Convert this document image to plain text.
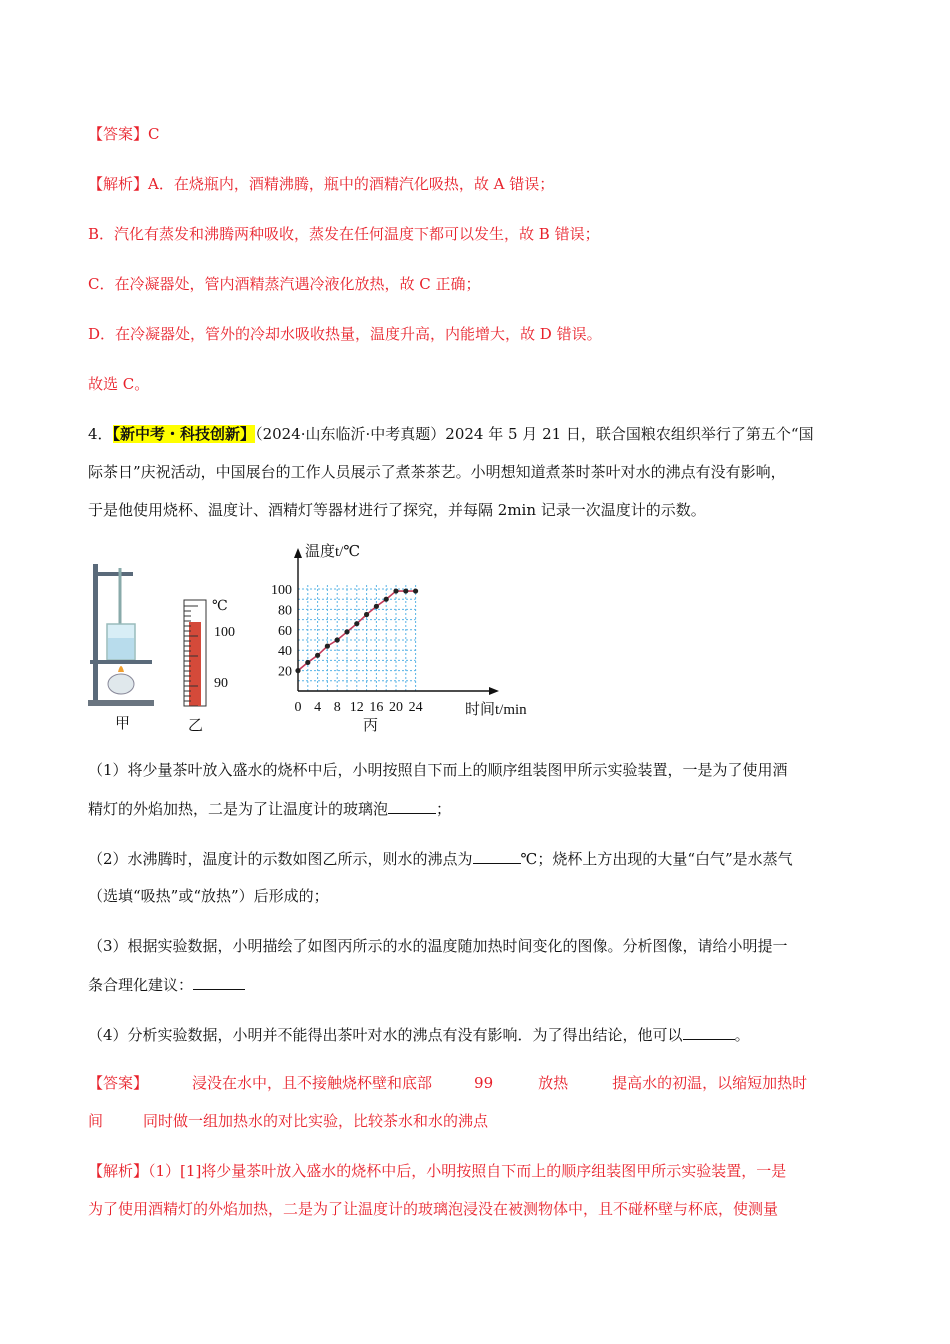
【答案】C
【解析】A．在烧瓶内，酒精沸腾，瓶中的酒精汽化吸热，故 A 错误；
B．汽化有蒸发和沸腾两种吸收，蒸发在任何温度下都可以发生，故 B 错误；
C．在冷凝器处，管内酒精蒸汽遇冷液化放热，故 C 正确；
D．在冷凝器处，管外的冷却水吸收热量，温度升高，内能增大，故 D 错误。
故选 C。
4．【新中考・科技创新】（2024·山东临沂·中考真题）2024 年 5 月 21 日，联合国粮农组织举行了第五个“国
际茶日”庆祝活动，中国展台的工作人员展示了煮茶茶艺。小明想知道煮茶时茶叶对水的沸点有没有影响，
于是他使用烧杯、温度计、酒精灯等器材进行了探究，并每隔 2min 记录一次温度计的示数。
甲
℃
100
90
乙
0 4 8 12 16 20 24
20
40
60
80
100
温度t/℃
时间t/min
丙
（1）将少量茶叶放入盛水的烧杯中后，小明按照自下而上的顺序组装图甲所示实验装置，一是为了使用酒
精灯的外焰加热，二是为了让温度计的玻璃泡	；
（2）水沸腾时，温度计的示数如图乙所示，则水的沸点为	℃；烧杯上方出现的大量“白气”是水蒸气
（选填“吸热”或“放热”）后形成的；
（3）根据实验数据，小明描绘了如图丙所示的水的温度随加热时间变化的图像。分析图像，请给小明提一
条合理化建议：
（4）分析实验数据，小明并不能得出茶叶对水的沸点有没有影响．为了得出结论，他可以	。
【答案】	浸没在水中，且不接触烧杯壁和底部	99	放热	提高水的初温，以缩短加热时
间	同时做一组加热水的对比实验，比较茶水和水的沸点
【解析】（1）[1]将少量茶叶放入盛水的烧杯中后，小明按照自下而上的顺序组装图甲所示实验装置，一是
为了使用酒精灯的外焰加热，二是为了让温度计的玻璃泡浸没在被测物体中，且不碰杯壁与杯底，使测量
